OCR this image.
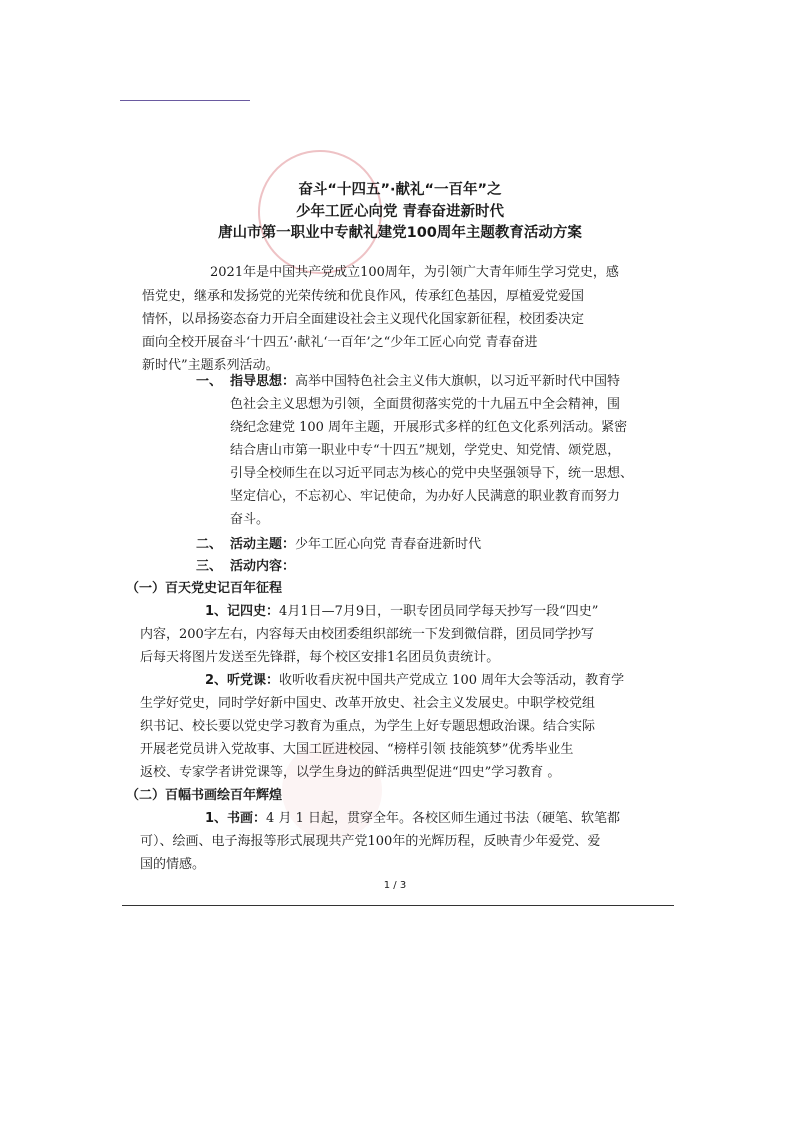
奋斗“十四五”·献礼“一百年”之
少年工匠心向党 青春奋进新时代
唐山市第一职业中专献礼建党100周年主题教育活动方案
2021年是中国共产党成立100周年，为引领广大青年师生学习党史，感
悟党史，继承和发扬党的光荣传统和优良作风，传承红色基因，厚植爱党爱国
情怀，以昂扬姿态奋力开启全面建设社会主义现代化国家新征程，校团委决定
面向全校开展奋斗‘十四五’·献礼‘一百年’之“少年工匠心向党 青春奋进
新时代”主题系列活动。
一、 指导思想：高举中国特色社会主义伟大旗帜，以习近平新时代中国特
色社会主义思想为引领，全面贯彻落实党的十九届五中全会精神，围
绕纪念建党 100 周年主题，开展形式多样的红色文化系列活动。紧密
结合唐山市第一职业中专“十四五”规划，学党史、知党情、颂党恩，
引导全校师生在以习近平同志为核心的党中央坚强领导下，统一思想、
坚定信心，不忘初心、牢记使命，为办好人民满意的职业教育而努力
奋斗。
二、 活动主题：少年工匠心向党 青春奋进新时代
三、 活动内容：
（一）百天党史记百年征程
1、记四史：4月1日—7月9日，一职专团员同学每天抄写一段“四史”
内容，200字左右，内容每天由校团委组织部统一下发到微信群，团员同学抄写
后每天将图片发送至先锋群，每个校区安排1名团员负责统计。
2、听党课：收听收看庆祝中国共产党成立 100 周年大会等活动，教育学
生学好党史，同时学好新中国史、改革开放史、社会主义发展史。中职学校党组
织书记、校长要以党史学习教育为重点，为学生上好专题思想政治课。结合实际
开展老党员讲入党故事、大国工匠进校园、“榜样引领 技能筑梦”优秀毕业生
返校、专家学者讲党课等，以学生身边的鲜活典型促进“四史”学习教育 。
（二）百幅书画绘百年辉煌
1、书画：4 月 1 日起，贯穿全年。各校区师生通过书法（硬笔、软笔都
可）、绘画、电子海报等形式展现共产党100年的光辉历程，反映青少年爱党、爱
国的情感。
1 / 3
